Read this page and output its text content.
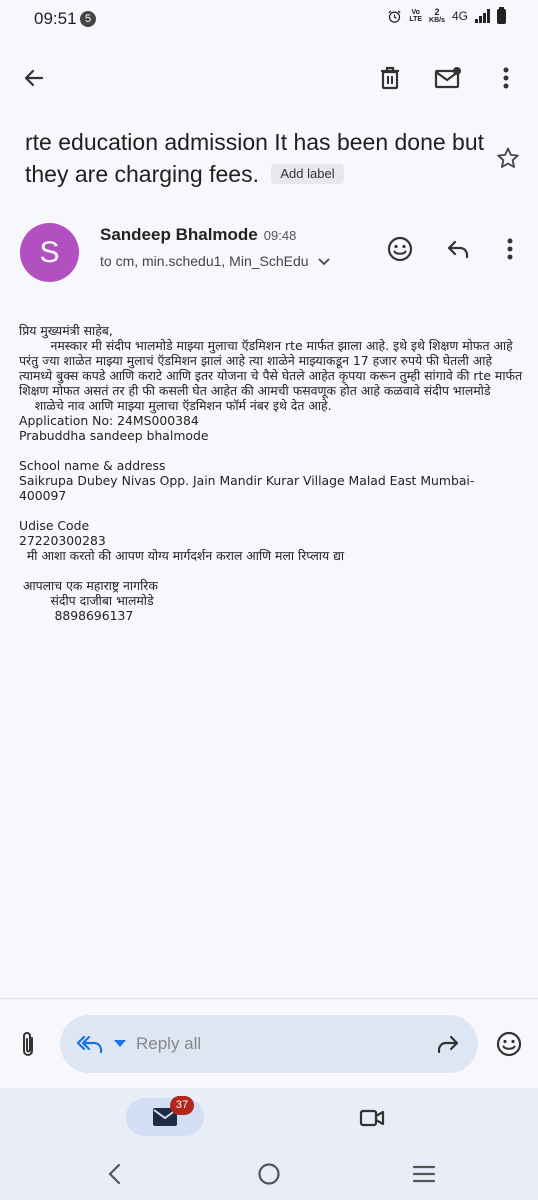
09:51 5
Vo
LTE
2
KB/s 4G
rte education admission It has been done but they are charging fees. Add label
S
Sandeep Bhalmode 09:48
to cm, min.schedu1, Min_SchEdu
प्रिय मुख्यमंत्री साहेब,
नमस्कार मी संदीप भालमोडे माझ्या मुलाचा ऍडमिशन rte मार्फत झाला आहे. इथे इथे शिक्षण मोफत आहे परंतु ज्या शाळेत माझ्या मुलाचं ऍडमिशन झालं आहे त्या शाळेने माझ्याकडून 17 हजार रुपये फी घेतली आहे त्यामध्ये बुक्स कपडे आणि कराटे आणि इतर योजना चे पैसे घेतले आहेत कृपया करून तुम्ही सांगावे की rte मार्फत शिक्षण मोफत असतं तर ही फी कसली घेत आहेत की आमची फसवणूक होत आहे कळवावे संदीप भालमोडे
शाळेचे नाव आणि माझ्या मुलाचा ऍडमिशन फॉर्म नंबर इथे देत आहे.
Application No: 24MS000384
Prabuddha sandeep bhalmode

School name & address
Saikrupa Dubey Nivas Opp. Jain Mandir Kurar Village Malad East Mumbai- 400097

Udise Code
27220300283
मी आशा करतो की आपण योग्य मार्गदर्शन कराल आणि मला रिप्लाय द्या

आपलाच एक महाराष्ट्र नागरिक
संदीप दाजीबा भालमोडे
8898696137
Reply all
37
